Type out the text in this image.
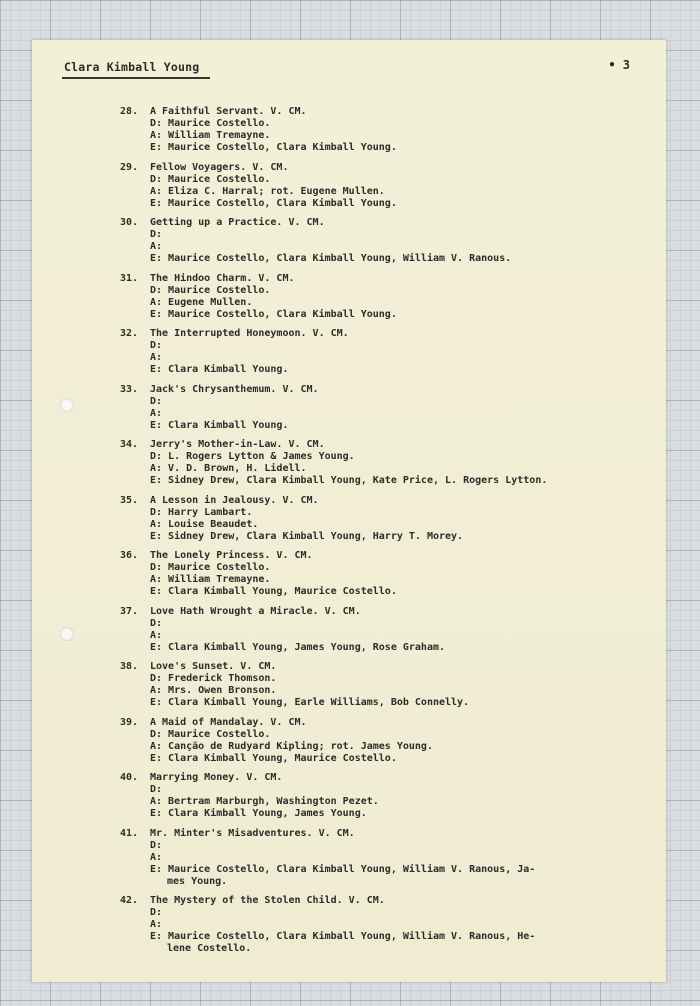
Clara Kimball Young	• 3
28. A Faithful Servant. V. CM.
D: Maurice Costello.
A: William Tremayne.
E: Maurice Costello, Clara Kimball Young.
29. Fellow Voyagers. V. CM.
D: Maurice Costello.
A: Eliza C. Harral; rot. Eugene Mullen.
E: Maurice Costello, Clara Kimball Young.
30. Getting up a Practice. V. CM.
D:
A:
E: Maurice Costello, Clara Kimball Young, William V. Ranous.
31. The Hindoo Charm. V. CM.
D: Maurice Costello.
A: Eugene Mullen.
E: Maurice Costello, Clara Kimball Young.
32. The Interrupted Honeymoon. V. CM.
D:
A:
E: Clara Kimball Young.
33. Jack's Chrysanthemum. V. CM.
D:
A:
E: Clara Kimball Young.
34. Jerry's Mother-in-Law. V. CM.
D: L. Rogers Lytton & James Young.
A: V. D. Brown, H. Lidell.
E: Sidney Drew, Clara Kimball Young, Kate Price, L. Rogers Lytton.
35. A Lesson in Jealousy. V. CM.
D: Harry Lambart.
A: Louise Beaudet.
E: Sidney Drew, Clara Kimball Young, Harry T. Morey.
36. The Lonely Princess. V. CM.
D: Maurice Costello.
A: William Tremayne.
E: Clara Kimball Young, Maurice Costello.
37. Love Hath Wrought a Miracle. V. CM.
D:
A:
E: Clara Kimball Young, James Young, Rose Graham.
38. Love's Sunset. V. CM.
D: Frederick Thomson.
A: Mrs. Owen Bronson.
E: Clara Kimball Young, Earle Williams, Bob Connelly.
39. A Maid of Mandalay. V. CM.
D: Maurice Costello.
A: Canção de Rudyard Kipling; rot. James Young.
E: Clara Kimball Young, Maurice Costello.
40. Marrying Money. V. CM.
D:
A: Bertram Marburgh, Washington Pezet.
E: Clara Kimball Young, James Young.
41. Mr. Minter's Misadventures. V. CM.
D:
A:
E: Maurice Costello, Clara Kimball Young, William V. Ranous, Ja-
mes Young.
42. The Mystery of the Stolen Child. V. CM.
D:
A:
E: Maurice Costello, Clara Kimball Young, William V. Ranous, He-
lene Costello.
